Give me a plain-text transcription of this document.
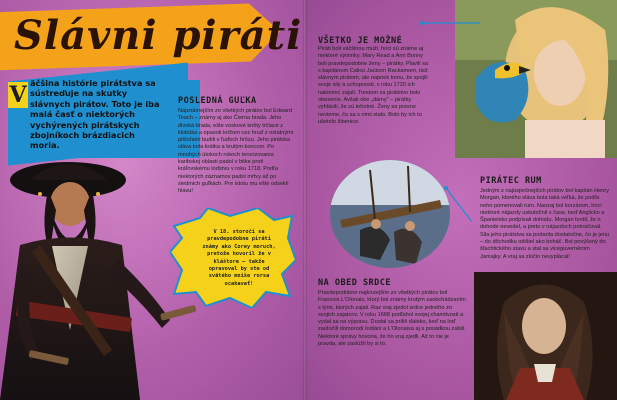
Slávni piráti
V äčšina histórie pirátstva sa sústreďuje na skutky slávnych pirátov. Toto je iba malá časť o niektorých vychýrených pirátskych zbojníkoch brázdiacich moria.

POSLEDNÁ GUĽKA

Najznámejším zo všetkých pirátov bol Edward Teach – známy aj ako Čierna brada. Jeho divoká brada, ešte voskové knôty trčiace z klobúka a opasok krížom cez hruď z ostatnými pištoľami budili v ľuďoch hrôzu. Jeho pirátska sláva bola krátka a krutým koncom. Po mnohých útokoch rokoch terorizovania karibskej oblasti padol v bitke proti kráľovskému loďstvu v roku 1718. Podľa niektorých záznamov padol mŕtvy až po siedmich guľkách. Pre istotu mu ešte odsekli hlavu!

V 18. storočí sa pravdepodobne piráti známy ako Corey moruch, pretože hovoril že v kláštore – takže opravoval by ste od svätého mníše rorsa ocakavať!

VŠETKO JE MOŽNÉ

Piráti boli väčšinou muži, hoci sú známe aj niektoré výnimky. Mary Read a Ann Bonny boli pravdepodobne ženy – pirátky. Plavili sa s kapitánom Calico Jackom Rackamom, tiež slávnym pirátom, ale napriek tomu, že spojili svoje sily a schopnosti, v roku 1720 ich nakoniec zajali. Trestom za pirátstvo bolo obesenie. Avšak obe „dámy" – pirátky vyhlásili, že sú tehotné. Ženy sa presne nevieme, čo sa s nimi stalo. Bolo by ich to ušetrilo šibenice.

PIRÁTEC RUM

Jedným z najúspešnejších pirátov bol kapitán Henry Morgan, ktorého sláva bola taká veľká, že podľa neho pomenovali rum. Naozaj bol korzárom, hoci niektoré nájazdy uskutočnil v čase, keď Anglicko a Španielsko podpísali dohodu. Morgan tvrdil, že o dohode nevedel, a preto v nájazdoch pokračoval. Sila jeho pirátstva sa podarila dostatočne, čo je jenu – do dôchodku odišiel ako boháč. Bol povýšený do šľachtického stavu a stal sa viceguvernérom Jamajky. A vraj sa zločin nevyplácal!

NA OBED SRDCE

Pravdepodobne najkrutejším zo všetkých pirátov bol Francois L'Olonais, ktorý bol známy krutým zaobchádzaním s tými, ktorých zajali. Raz vraj zjedol srdce jedného zo svojich zajatcov. V roku 1668 podľahol svojej chamtivosti a vydal sa na výpravu. Dostal sa príliš ďaleko, keď na loď zaútočili domorodí Indiáni a L'Olonaisa aj s posádkou zabili. Niektoré správy hovoria, že ho vraj zjedli. Až to nie je pravda, ale zaslúžil by si to.
